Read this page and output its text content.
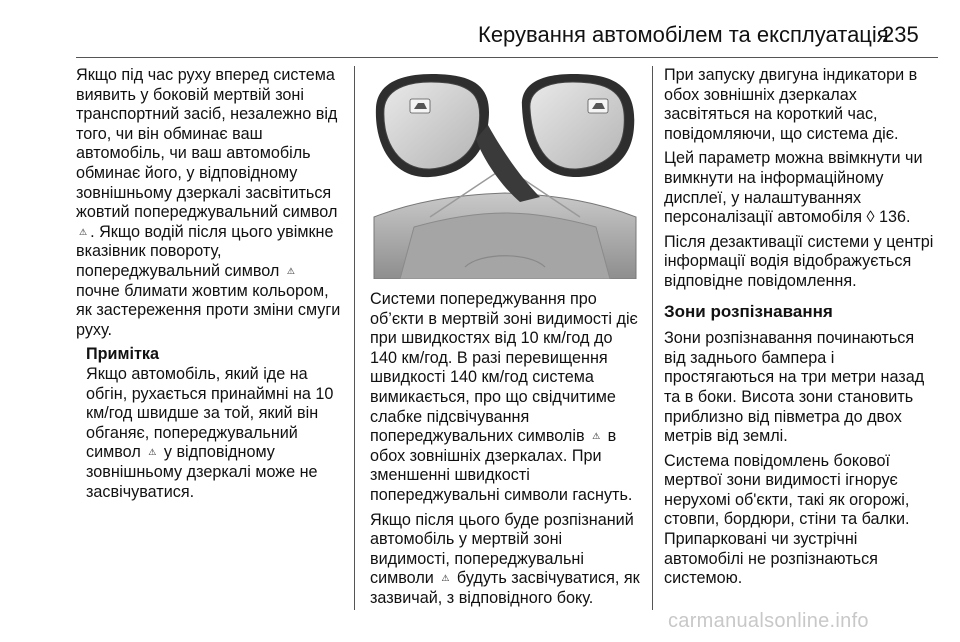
Керування автомобілем та експлуатація
235

Якщо під час руху вперед система виявить у боковій мертвій зоні транспортний засіб, незалежно від того, чи він обминає ваш автомобіль, чи ваш автомобіль обминає його, у відповідному зовнішньому дзеркалі засвітиться жовтий попереджувальний символ ⚠ . Якщо водій після цього увімкне вказівник повороту, попереджувальний символ ⚠ почне блимати жовтим кольором, як застереження проти зміни смуги руху.

Примітка

Якщо автомобіль, який іде на обгін, рухається принаймні на 10 км/год швидше за той, який він обганяє, попереджувальний символ ⚠ у відповідному зовнішньому дзеркалі може не засвічуватися.

Системи попереджування про об’єкти в мертвій зоні видимості діє при швидкостях від 10 км/год до 140 км/год. В разі перевищення швидкості 140 км/год система вимикається, про що свідчитиме слабке підсвічування попереджувальних символів ⚠ в обох зовнішніх дзеркалах. При зменшенні швидкості попереджувальні символи гаснуть.

Якщо після цього буде розпізнаний автомобіль у мертвій зоні видимості, попереджувальні символи ⚠ будуть засвічуватися, як зазвичай, з відповідного боку.

При запуску двигуна індикатори в обох зовнішніх дзеркалах засвітяться на короткий час, повідомляючи, що система діє.

Цей параметр можна ввімкнути чи вимкнути на інформаційному дисплеї, у налаштуваннях персоналізації автомобіля ◊ 136.

Після дезактивації системи у центрі інформації водія відображується відповідне повідомлення.

Зони розпізнавання

Зони розпізнавання починаються від заднього бампера і простягаються на три метри назад та в боки. Висота зони становить приблизно від півметра до двох метрів від землі.

Система повідомлень бокової мертвої зони видимості ігнорує нерухомі об'єкти, такі як огорожі, стовпи, бордюри, стіни та балки. Припарковані чи зустрічні автомобілі не розпізнаються системою.

carmanualsonline.info
